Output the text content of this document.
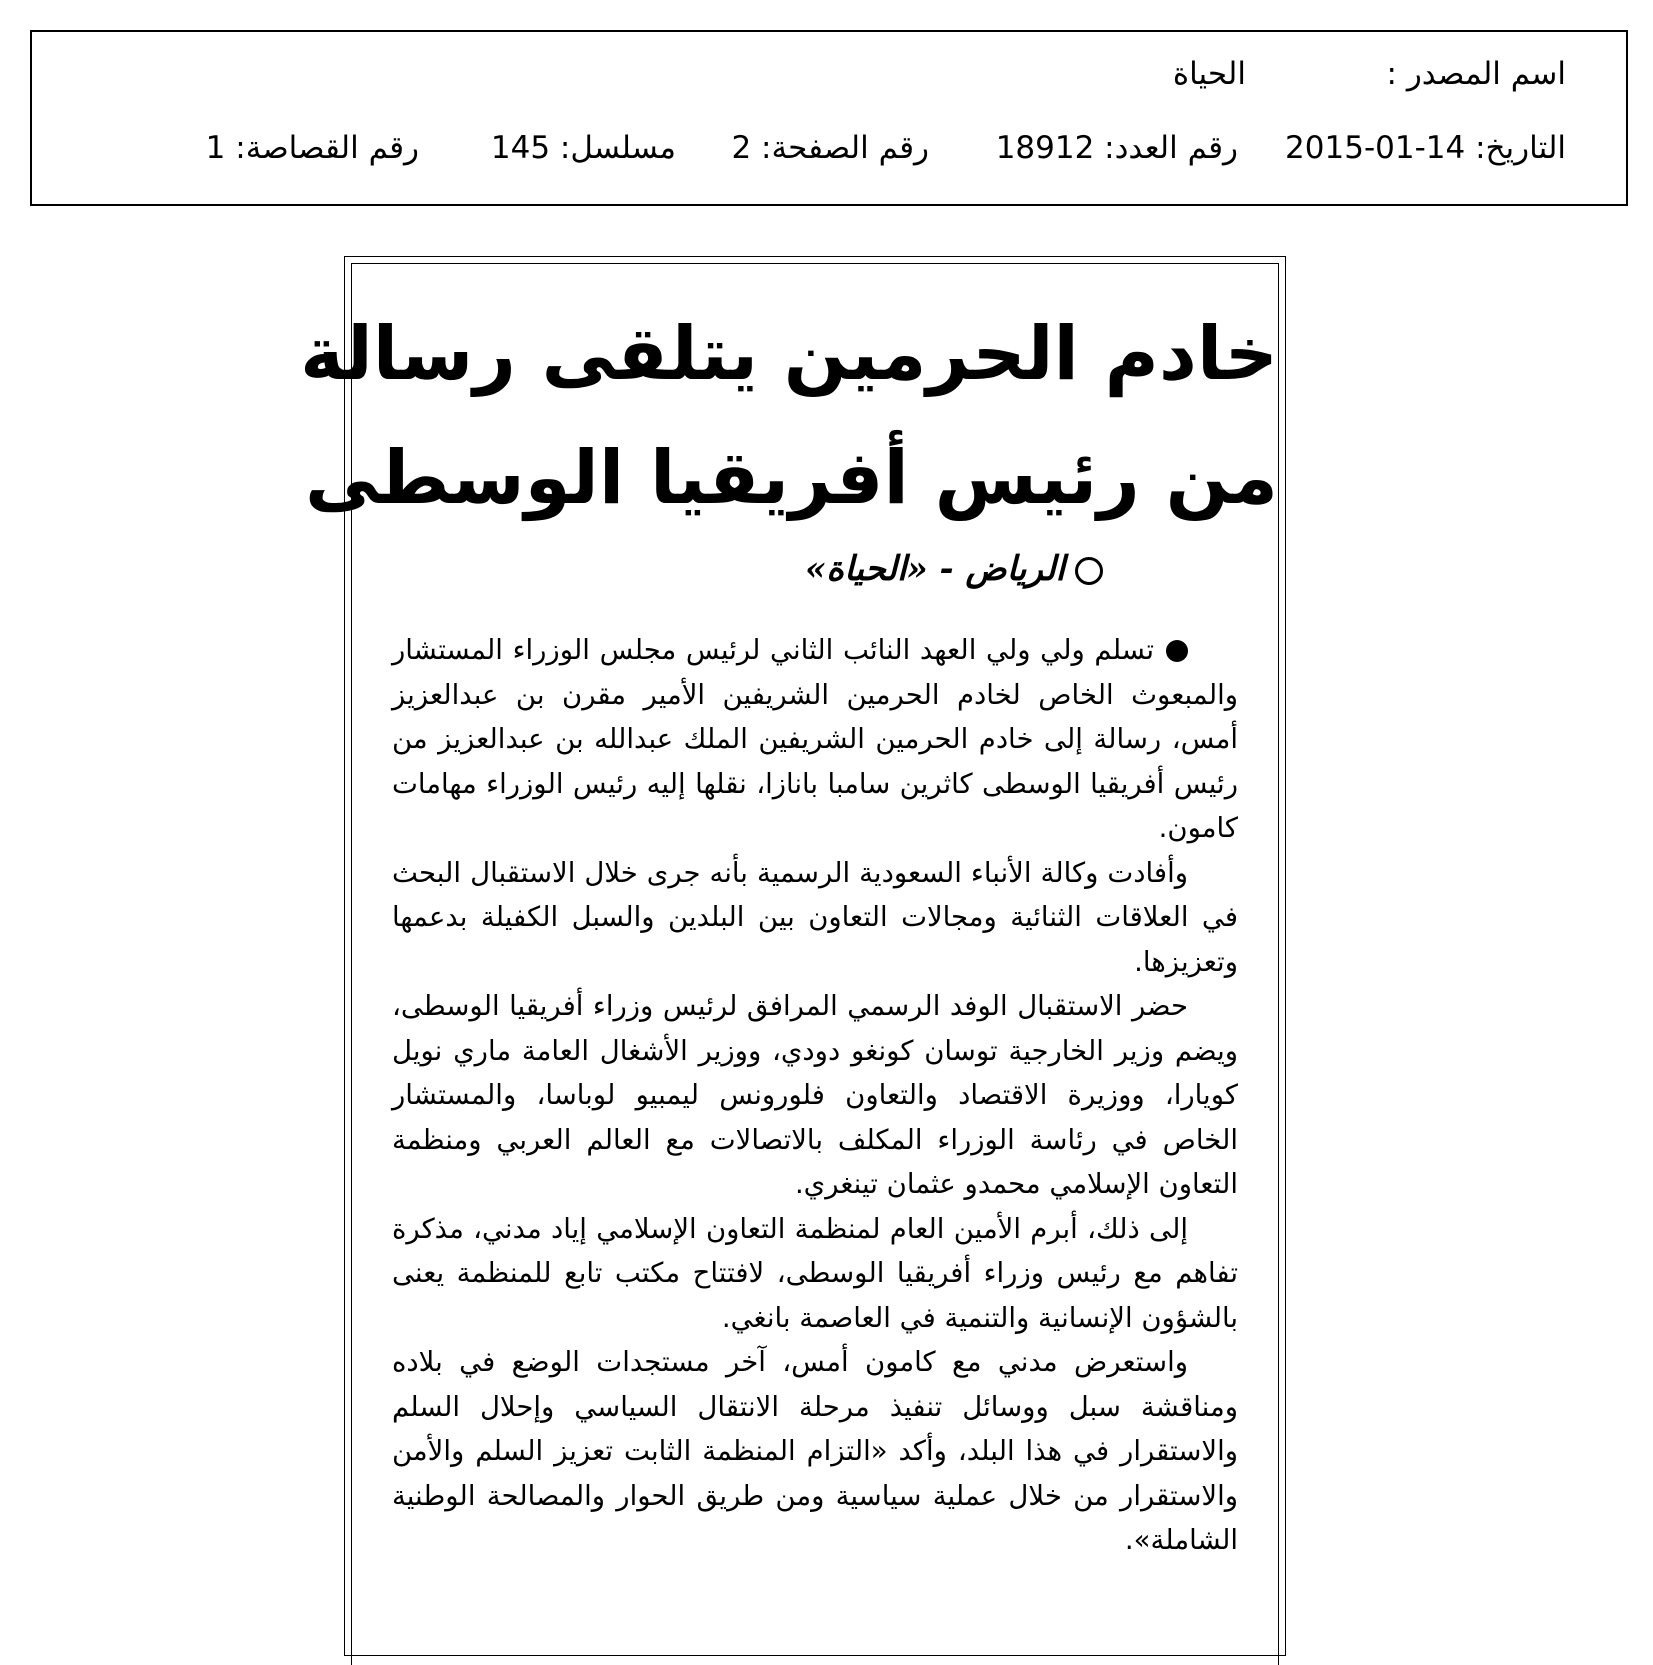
اسم المصدر :
الحياة
التاريخ: 14-01-2015
رقم العدد: 18912
رقم الصفحة: 2
مسلسل: 145
رقم القصاصة: 1
خادم الحرمين يتلقى رسالة
من رئيس أفريقيا الوسطى
الرياض - «الحياة»

تسلم ولي ولي العهد النائب الثاني لرئيس مجلس الوزراء المستشار والمبعوث الخاص لخادم الحرمين الشريفين الأمير مقرن بن عبدالعزيز أمس، رسالة إلى خادم الحرمين الشريفين الملك عبدالله بن عبدالعزيز من رئيس أفريقيا الوسطى كاثرين سامبا بانازا، نقلها إليه رئيس الوزراء مهامات كامون.

وأفادت وكالة الأنباء السعودية الرسمية بأنه جرى خلال الاستقبال البحث في العلاقات الثنائية ومجالات التعاون بين البلدين والسبل الكفيلة بدعمها وتعزيزها.

حضر الاستقبال الوفد الرسمي المرافق لرئيس وزراء أفريقيا الوسطى، ويضم وزير الخارجية توسان كونغو دودي، ووزير الأشغال العامة ماري نويل كويارا، ووزيرة الاقتصاد والتعاون فلورونس ليمبيو لوباسا، والمستشار الخاص في رئاسة الوزراء المكلف بالاتصالات مع العالم العربي ومنظمة التعاون الإسلامي محمدو عثمان تينغري.

إلى ذلك، أبرم الأمين العام لمنظمة التعاون الإسلامي إياد مدني، مذكرة تفاهم مع رئيس وزراء أفريقيا الوسطى، لافتتاح مكتب تابع للمنظمة يعنى بالشؤون الإنسانية والتنمية في العاصمة بانغي.

واستعرض مدني مع كامون أمس، آخر مستجدات الوضع في بلاده ومناقشة سبل ووسائل تنفيذ مرحلة الانتقال السياسي وإحلال السلم والاستقرار في هذا البلد، وأكد «التزام المنظمة الثابت تعزيز السلم والأمن والاستقرار من خلال عملية سياسية ومن طريق الحوار والمصالحة الوطنية الشاملة».
